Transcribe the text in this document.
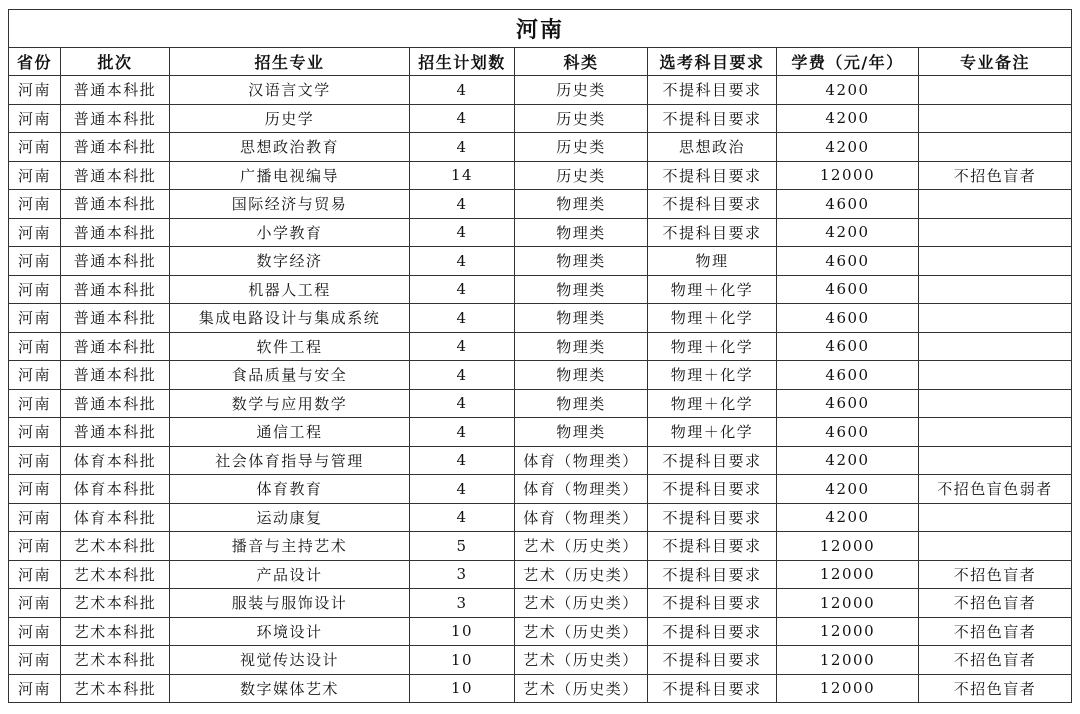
河南							
省份	批次	招生专业	招生计划数	科类	选考科目要求	学费（元/年）	专业备注
河南	普通本科批	汉语言文学	4	历史类	不提科目要求	4200	
河南	普通本科批	历史学	4	历史类	不提科目要求	4200	
河南	普通本科批	思想政治教育	4	历史类	思想政治	4200	
河南	普通本科批	广播电视编导	14	历史类	不提科目要求	12000	不招色盲者
河南	普通本科批	国际经济与贸易	4	物理类	不提科目要求	4600	
河南	普通本科批	小学教育	4	物理类	不提科目要求	4200	
河南	普通本科批	数字经济	4	物理类	物理	4600	
河南	普通本科批	机器人工程	4	物理类	物理＋化学	4600	
河南	普通本科批	集成电路设计与集成系统	4	物理类	物理＋化学	4600	
河南	普通本科批	软件工程	4	物理类	物理＋化学	4600	
河南	普通本科批	食品质量与安全	4	物理类	物理＋化学	4600	
河南	普通本科批	数学与应用数学	4	物理类	物理＋化学	4600	
河南	普通本科批	通信工程	4	物理类	物理＋化学	4600	
河南	体育本科批	社会体育指导与管理	4	体育（物理类）	不提科目要求	4200	
河南	体育本科批	体育教育	4	体育（物理类）	不提科目要求	4200	不招色盲色弱者
河南	体育本科批	运动康复	4	体育（物理类）	不提科目要求	4200	
河南	艺术本科批	播音与主持艺术	5	艺术（历史类）	不提科目要求	12000	
河南	艺术本科批	产品设计	3	艺术（历史类）	不提科目要求	12000	不招色盲者
河南	艺术本科批	服装与服饰设计	3	艺术（历史类）	不提科目要求	12000	不招色盲者
河南	艺术本科批	环境设计	10	艺术（历史类）	不提科目要求	12000	不招色盲者
河南	艺术本科批	视觉传达设计	10	艺术（历史类）	不提科目要求	12000	不招色盲者
河南	艺术本科批	数字媒体艺术	10	艺术（历史类）	不提科目要求	12000	不招色盲者
